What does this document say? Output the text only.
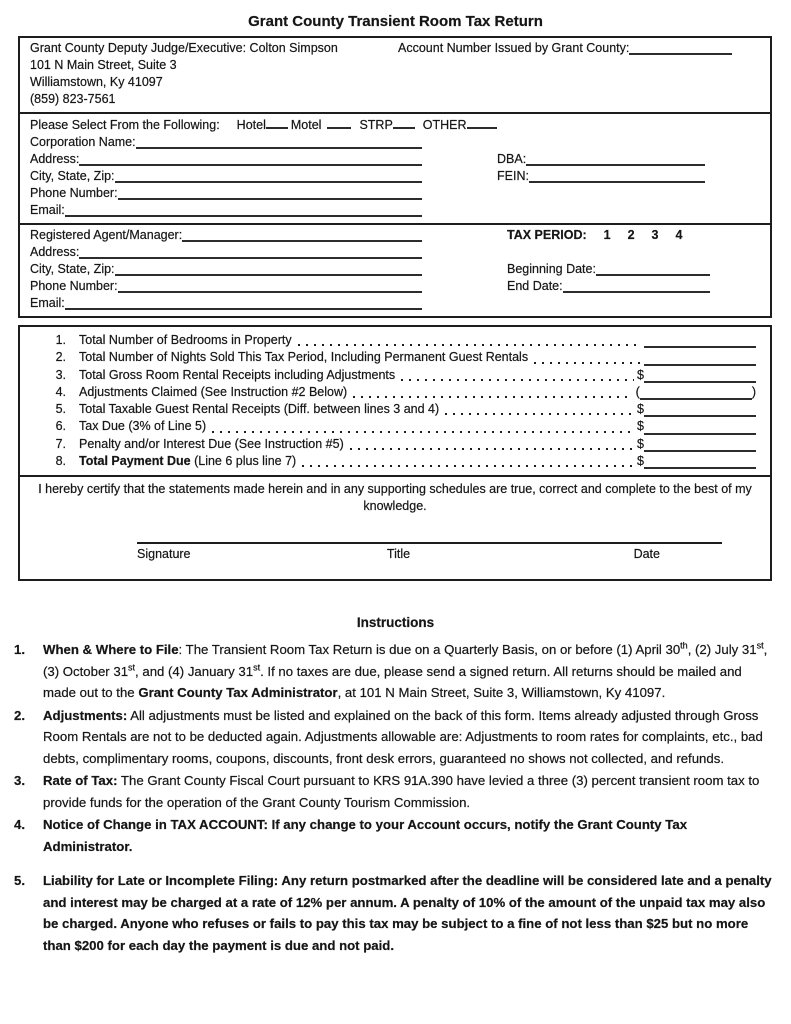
Grant County Transient Room Tax Return
Grant County Deputy Judge/Executive: Colton Simpson
101 N Main Street, Suite 3
Williamstown, Ky 41097
(859) 823-7561
Account Number Issued by Grant County:
Please Select From the Following: Hotel Motel	STRP OTHER
Corporation Name:
Address:	DBA:
City, State, Zip:	FEIN:
Phone Number:
Email:
Registered Agent/Manager:	TAX PERIOD: 1 2 3 4
Address:
City, State, Zip:	Beginning Date:
Phone Number:	End Date:
Email:
1. Total Number of Bedrooms in Property
2. Total Number of Nights Sold This Tax Period, Including Permanent Guest Rentals
3. Total Gross Room Rental Receipts including Adjustments	$
4. Adjustments Claimed (See Instruction #2 Below)	(	)
5. Total Taxable Guest Rental Receipts (Diff. between lines 3 and 4)	$
6. Tax Due (3% of Line 5)	$
7. Penalty and/or Interest Due (See Instruction #5)	$
8. Total Payment Due (Line 6 plus line 7)	$

I hereby certify that the statements made herein and in any supporting schedules are true, correct and complete to the best of my knowledge.

Signature	Title	Date
Instructions
1.	When & Where to File: The Transient Room Tax Return is due on a Quarterly Basis, on or before (1) April 30th, (2) July 31st, (3) October 31st, and (4) January 31st. If no taxes are due, please send a signed return. All returns should be mailed and made out to the Grant County Tax Administrator, at 101 N Main Street, Suite 3, Williamstown, Ky 41097.
2.	Adjustments: All adjustments must be listed and explained on the back of this form. Items already adjusted through Gross Room Rentals are not to be deducted again. Adjustments allowable are: Adjustments to room rates for complaints, etc., bad debts, complimentary rooms, coupons, discounts, front desk errors, guaranteed no shows not collected, and refunds.
3.	Rate of Tax: The Grant County Fiscal Court pursuant to KRS 91A.390 have levied a three (3) percent transient room tax to provide funds for the operation of the Grant County Tourism Commission.
4.	Notice of Change in TAX ACCOUNT: If any change to your Account occurs, notify the Grant County Tax Administrator.
5.	Liability for Late or Incomplete Filing: Any return postmarked after the deadline will be considered late and a penalty and interest may be charged at a rate of 12% per annum. A penalty of 10% of the amount of the unpaid tax may also be charged. Anyone who refuses or fails to pay this tax may be subject to a fine of not less than $25 but no more than $200 for each day the payment is due and not paid.
